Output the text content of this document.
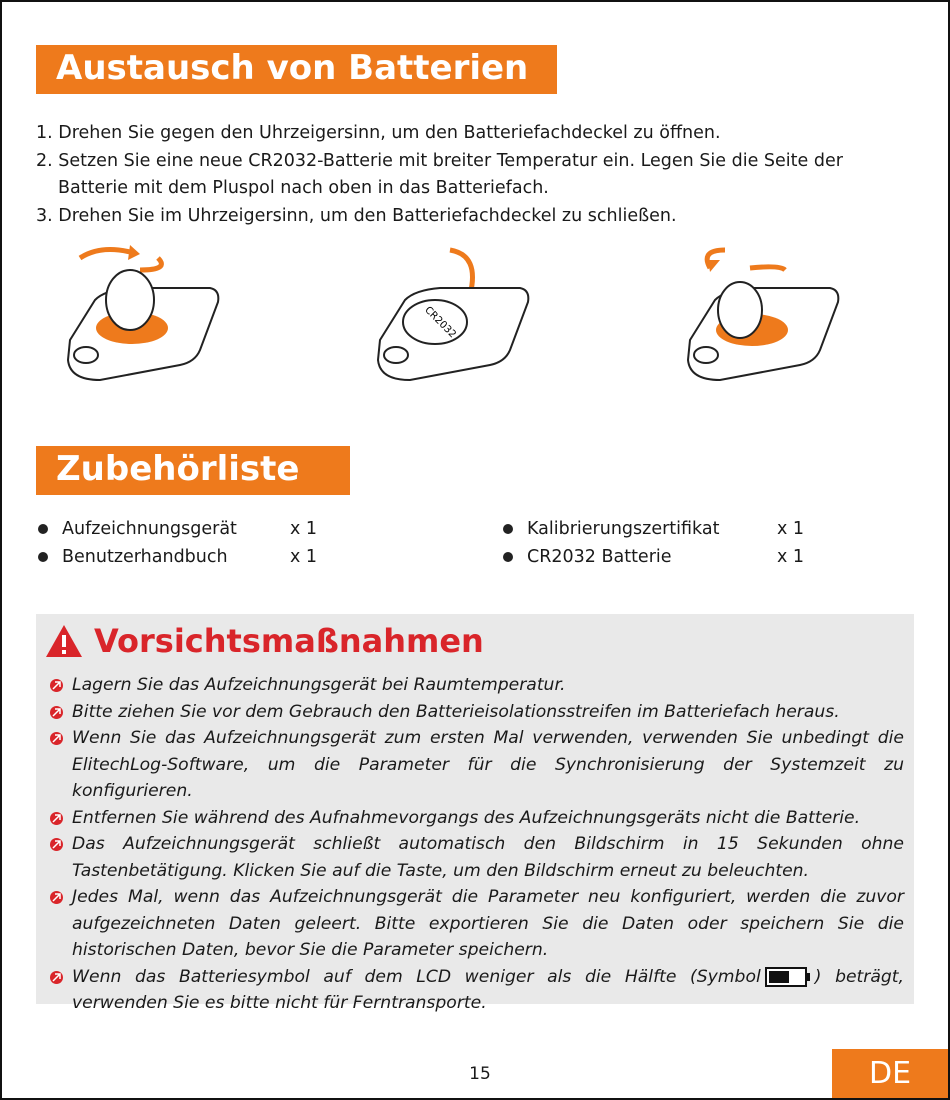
Austausch von Batterien
1. Drehen Sie gegen den Uhrzeigersinn, um den Batteriefachdeckel zu öffnen.
2. Setzen Sie eine neue CR2032-Batterie mit breiter Temperatur ein. Legen Sie die Seite der Batterie mit dem Pluspol nach oben in das Batteriefach.
3. Drehen Sie im Uhrzeigersinn, um den Batteriefachdeckel zu schließen.
CR2032
Zubehörliste
Aufzeichnungsgerät	x 1
Benutzerhandbuch	x 1
Kalibrierungszertifikat	x 1
CR2032 Batterie	x 1
Vorsichtsmaßnahmen
Lagern Sie das Aufzeichnungsgerät bei Raumtemperatur.
Bitte ziehen Sie vor dem Gebrauch den Batterieisolationsstreifen im Batteriefach heraus.
Wenn Sie das Aufzeichnungsgerät zum ersten Mal verwenden, verwenden Sie unbedingt die ElitechLog-Software, um die Parameter für die Synchronisierung der Systemzeit zu konfigurieren.
Entfernen Sie während des Aufnahmevorgangs des Aufzeichnungsgeräts nicht die Batterie.
Das Aufzeichnungsgerät schließt automatisch den Bildschirm in 15 Sekunden ohne Tastenbetätigung. Klicken Sie auf die Taste, um den Bildschirm erneut zu beleuchten.
Jedes Mal, wenn das Aufzeichnungsgerät die Parameter neu konfiguriert, werden die zuvor aufgezeichneten Daten geleert. Bitte exportieren Sie die Daten oder speichern Sie die historischen Daten, bevor Sie die Parameter speichern.
Wenn das Batteriesymbol auf dem LCD weniger als die Hälfte (Symbol	) beträgt, verwenden Sie es bitte nicht für Ferntransporte.
15	DE
